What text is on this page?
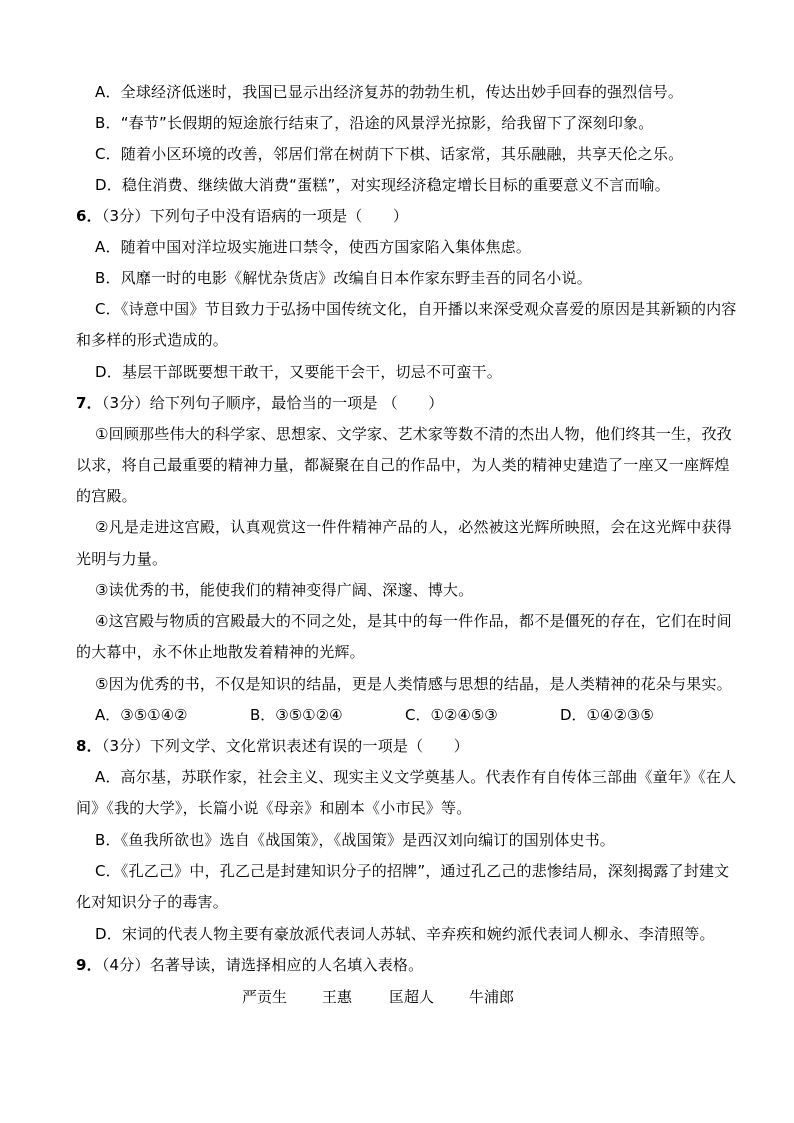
A．全球经济低迷时，我国已显示出经济复苏的勃勃生机，传达出妙手回春的强烈信号。
B．“春节”长假期的短途旅行结束了，沿途的风景浮光掠影，给我留下了深刻印象。
C．随着小区环境的改善，邻居们常在树荫下下棋、话家常，其乐融融，共享天伦之乐。
D．稳住消费、继续做大消费“蛋糕”，对实现经济稳定增长目标的重要意义不言而喻。
6．（3分）下列句子中没有语病的一项是（　　）
A．随着中国对洋垃圾实施进口禁令，使西方国家陷入集体焦虑。
B．风靡一时的电影《解忧杂货店》改编自日本作家东野圭吾的同名小说。
C．《诗意中国》节目致力于弘扬中国传统文化，自开播以来深受观众喜爱的原因是其新颖的内容
和多样的形式造成的。
D．基层干部既要想干敢干，又要能干会干，切忌不可蛮干。
7．（3分）给下列句子顺序，最恰当的一项是 （　　）
①回顾那些伟大的科学家、思想家、文学家、艺术家等数不清的杰出人物，他们终其一生，孜孜
以求，将自己最重要的精神力量，都凝聚在自己的作品中，为人类的精神史建造了一座又一座辉煌
的宫殿。
②凡是走进这宫殿，认真观赏这一件件精神产品的人，必然被这光辉所映照，会在这光辉中获得
光明与力量。
③读优秀的书，能使我们的精神变得广阔、深邃、博大。
④这宫殿与物质的宫殿最大的不同之处，是其中的每一件作品，都不是僵死的存在，它们在时间
的大幕中，永不休止地散发着精神的光辉。
⑤因为优秀的书，不仅是知识的结晶，更是人类情感与思想的结晶，是人类精神的花朵与果实。
A．③⑤①④②	B．③⑤①②④	C．①②④⑤③	D．①④②③⑤
8．（3分）下列文学、文化常识表述有误的一项是（　　）
A．高尔基，苏联作家，社会主义、现实主义文学奠基人。代表作有自传体三部曲《童年》《在人
间》《我的大学》，长篇小说《母亲》和剧本《小市民》等。
B．《鱼我所欲也》选自《战国策》，《战国策》是西汉刘向编订的国别体史书。
C．《孔乙己》中，孔乙己是封建知识分子的招牌”，通过孔乙己的悲惨结局，深刻揭露了封建文
化对知识分子的毒害。
D．宋词的代表人物主要有豪放派代表词人苏轼、辛弃疾和婉约派代表词人柳永、李清照等。
9．（4分）名著导读，请选择相应的人名填入表格。
严贡生 王惠 匡超人 牛浦郎
